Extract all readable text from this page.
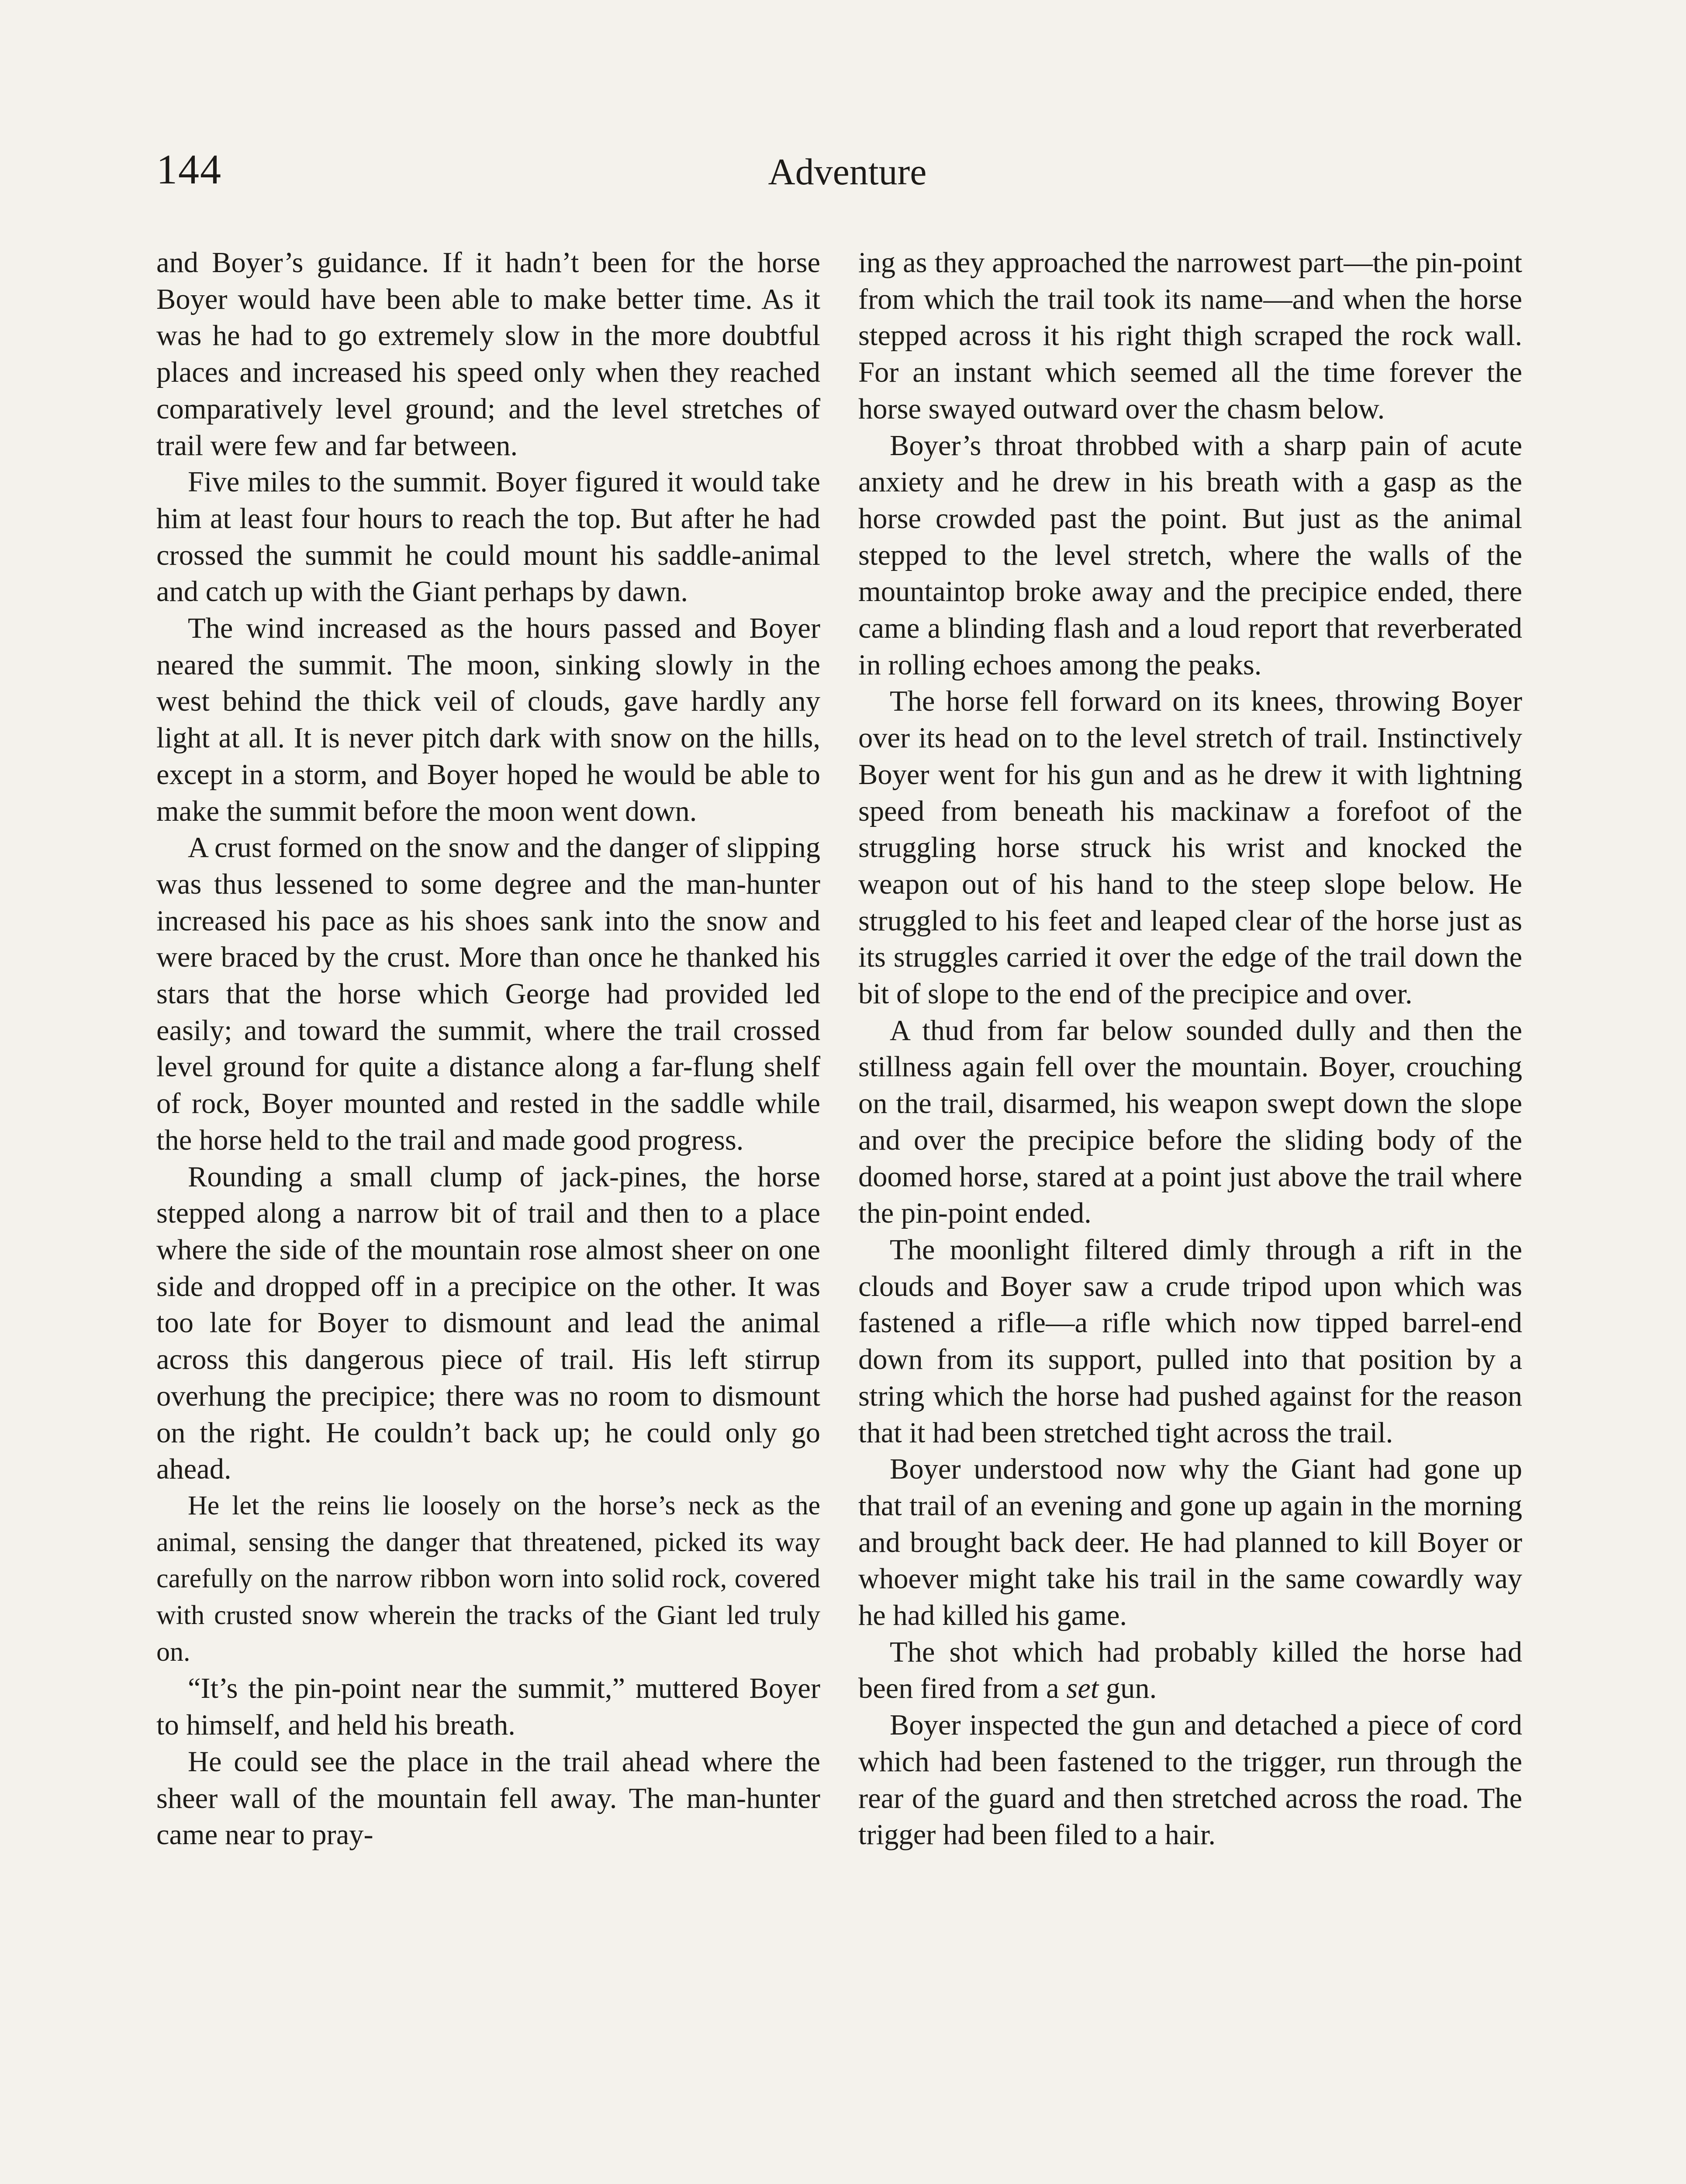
144	Adventure

and Boyer’s guidance. If it hadn’t been for the horse Boyer would have been able to make better time. As it was he had to go extremely slow in the more doubtful places and increased his speed only when they reached comparatively level ground; and the level stretches of trail were few and far between.

Five miles to the summit. Boyer figured it would take him at least four hours to reach the top. But after he had crossed the summit he could mount his saddle-animal and catch up with the Giant perhaps by dawn.

The wind increased as the hours passed and Boyer neared the summit. The moon, sinking slowly in the west behind the thick veil of clouds, gave hardly any light at all. It is never pitch dark with snow on the hills, except in a storm, and Boyer hoped he would be able to make the summit before the moon went down.

A crust formed on the snow and the danger of slipping was thus lessened to some degree and the man-hunter increased his pace as his shoes sank into the snow and were braced by the crust. More than once he thanked his stars that the horse which George had provided led easily; and toward the summit, where the trail crossed level ground for quite a distance along a far-flung shelf of rock, Boyer mounted and rested in the saddle while the horse held to the trail and made good progress.

Rounding a small clump of jack-pines, the horse stepped along a narrow bit of trail and then to a place where the side of the mountain rose almost sheer on one side and dropped off in a precipice on the other. It was too late for Boyer to dismount and lead the animal across this dangerous piece of trail. His left stirrup overhung the precipice; there was no room to dismount on the right. He couldn’t back up; he could only go ahead.

He let the reins lie loosely on the horse’s neck as the animal, sensing the danger that threatened, picked its way carefully on the narrow ribbon worn into solid rock, covered with crusted snow wherein the tracks of the Giant led truly on.

“It’s the pin-point near the summit,” muttered Boyer to himself, and held his breath.

He could see the place in the trail ahead where the sheer wall of the mountain fell away. The man-hunter came near to pray-

ing as they approached the narrowest part—the pin-point from which the trail took its name—and when the horse stepped across it his right thigh scraped the rock wall. For an instant which seemed all the time forever the horse swayed outward over the chasm below.

Boyer’s throat throbbed with a sharp pain of acute anxiety and he drew in his breath with a gasp as the horse crowded past the point. But just as the animal stepped to the level stretch, where the walls of the mountaintop broke away and the precipice ended, there came a blinding flash and a loud report that reverberated in rolling echoes among the peaks.

The horse fell forward on its knees, throwing Boyer over its head on to the level stretch of trail. Instinctively Boyer went for his gun and as he drew it with lightning speed from beneath his mackinaw a forefoot of the struggling horse struck his wrist and knocked the weapon out of his hand to the steep slope below. He struggled to his feet and leaped clear of the horse just as its struggles carried it over the edge of the trail down the bit of slope to the end of the precipice and over.

A thud from far below sounded dully and then the stillness again fell over the mountain. Boyer, crouching on the trail, disarmed, his weapon swept down the slope and over the precipice before the sliding body of the doomed horse, stared at a point just above the trail where the pin-point ended.

The moonlight filtered dimly through a rift in the clouds and Boyer saw a crude tripod upon which was fastened a rifle—a rifle which now tipped barrel-end down from its support, pulled into that position by a string which the horse had pushed against for the reason that it had been stretched tight across the trail.

Boyer understood now why the Giant had gone up that trail of an evening and gone up again in the morning and brought back deer. He had planned to kill Boyer or whoever might take his trail in the same cowardly way he had killed his game.

The shot which had probably killed the horse had been fired from a set gun.

Boyer inspected the gun and detached a piece of cord which had been fastened to the trigger, run through the rear of the guard and then stretched across the road. The trigger had been filed to a hair.
